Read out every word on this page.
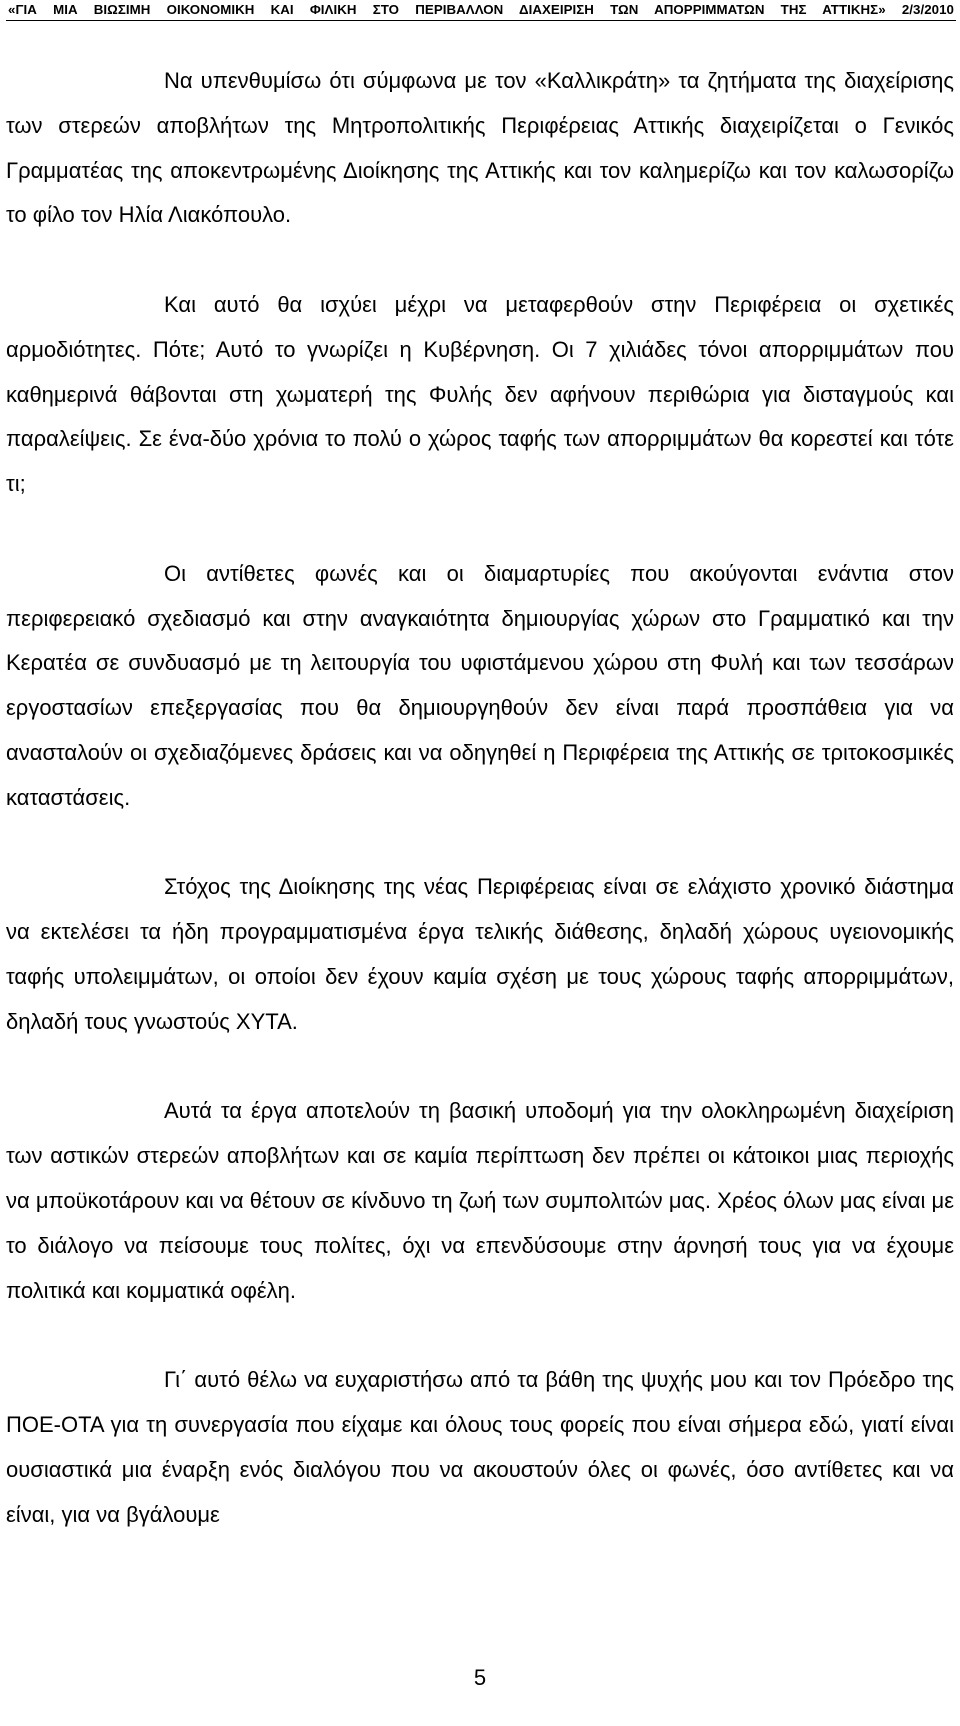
«ΓΙΑ ΜΙΑ ΒΙΩΣΙΜΗ ΟΙΚΟΝΟΜΙΚΗ ΚΑΙ ΦΙΛΙΚΗ ΣΤΟ ΠΕΡΙΒΑΛΛΟΝ ΔΙΑΧΕΙΡΙΣΗ ΤΩΝ ΑΠΟΡΡΙΜΜΑΤΩΝ ΤΗΣ ΑΤΤΙΚΗΣ» 2/3/2010

Να υπενθυμίσω ότι σύμφωνα με τον «Καλλικράτη» τα ζητήματα της διαχείρισης των στερεών αποβλήτων της Μητροπολιτικής Περιφέρειας Αττικής διαχειρίζεται ο Γενικός Γραμματέας της αποκεντρωμένης Διοίκησης της Αττικής και τον καλημερίζω και τον καλωσορίζω το φίλο τον Ηλία Λιακόπουλο.

Και αυτό θα ισχύει μέχρι να μεταφερθούν στην Περιφέρεια οι σχετικές αρμοδιότητες. Πότε; Αυτό το γνωρίζει η Κυβέρνηση. Οι 7 χιλιάδες τόνοι απορριμμάτων που καθημερινά θάβονται στη χωματερή της Φυλής δεν αφήνουν περιθώρια για δισταγμούς και παραλείψεις. Σε ένα-δύο χρόνια το πολύ ο χώρος ταφής των απορριμμάτων θα κορεστεί και τότε τι;

Οι αντίθετες φωνές και οι διαμαρτυρίες που ακούγονται ενάντια στον περιφερειακό σχεδιασμό και στην αναγκαιότητα δημιουργίας χώρων στο Γραμματικό και την Κερατέα σε συνδυασμό με τη λειτουργία του υφιστάμενου χώρου στη Φυλή και των τεσσάρων εργοστασίων επεξεργασίας που θα δημιουργηθούν δεν είναι παρά προσπάθεια για να ανασταλούν οι σχεδιαζόμενες δράσεις και να οδηγηθεί η Περιφέρεια της Αττικής σε τριτοκοσμικές καταστάσεις.

Στόχος της Διοίκησης της νέας Περιφέρειας είναι σε ελάχιστο χρονικό διάστημα να εκτελέσει τα ήδη προγραμματισμένα έργα τελικής διάθεσης, δηλαδή χώρους υγειονομικής ταφής υπολειμμάτων, οι οποίοι δεν έχουν καμία σχέση με τους χώρους ταφής απορριμμάτων, δηλαδή τους γνωστούς ΧΥΤΑ.

Αυτά τα έργα αποτελούν τη βασική υποδομή για την ολοκληρωμένη διαχείριση των αστικών στερεών αποβλήτων και σε καμία περίπτωση δεν πρέπει οι κάτοικοι μιας περιοχής να μποϋκοτάρουν και να θέτουν σε κίνδυνο τη ζωή των συμπολιτών μας. Χρέος όλων μας είναι με το διάλογο να πείσουμε τους πολίτες, όχι να επενδύσουμε στην άρνησή τους για να έχουμε πολιτικά και κομματικά οφέλη.

Γι΄ αυτό θέλω να ευχαριστήσω από τα βάθη της ψυχής μου και τον Πρόεδρο της ΠΟΕ-ΟΤΑ για τη συνεργασία που είχαμε και όλους τους φορείς που είναι σήμερα εδώ, γιατί είναι ουσιαστικά μια έναρξη ενός διαλόγου που να ακουστούν όλες οι φωνές, όσο αντίθετες και να είναι, για να βγάλουμε

5
